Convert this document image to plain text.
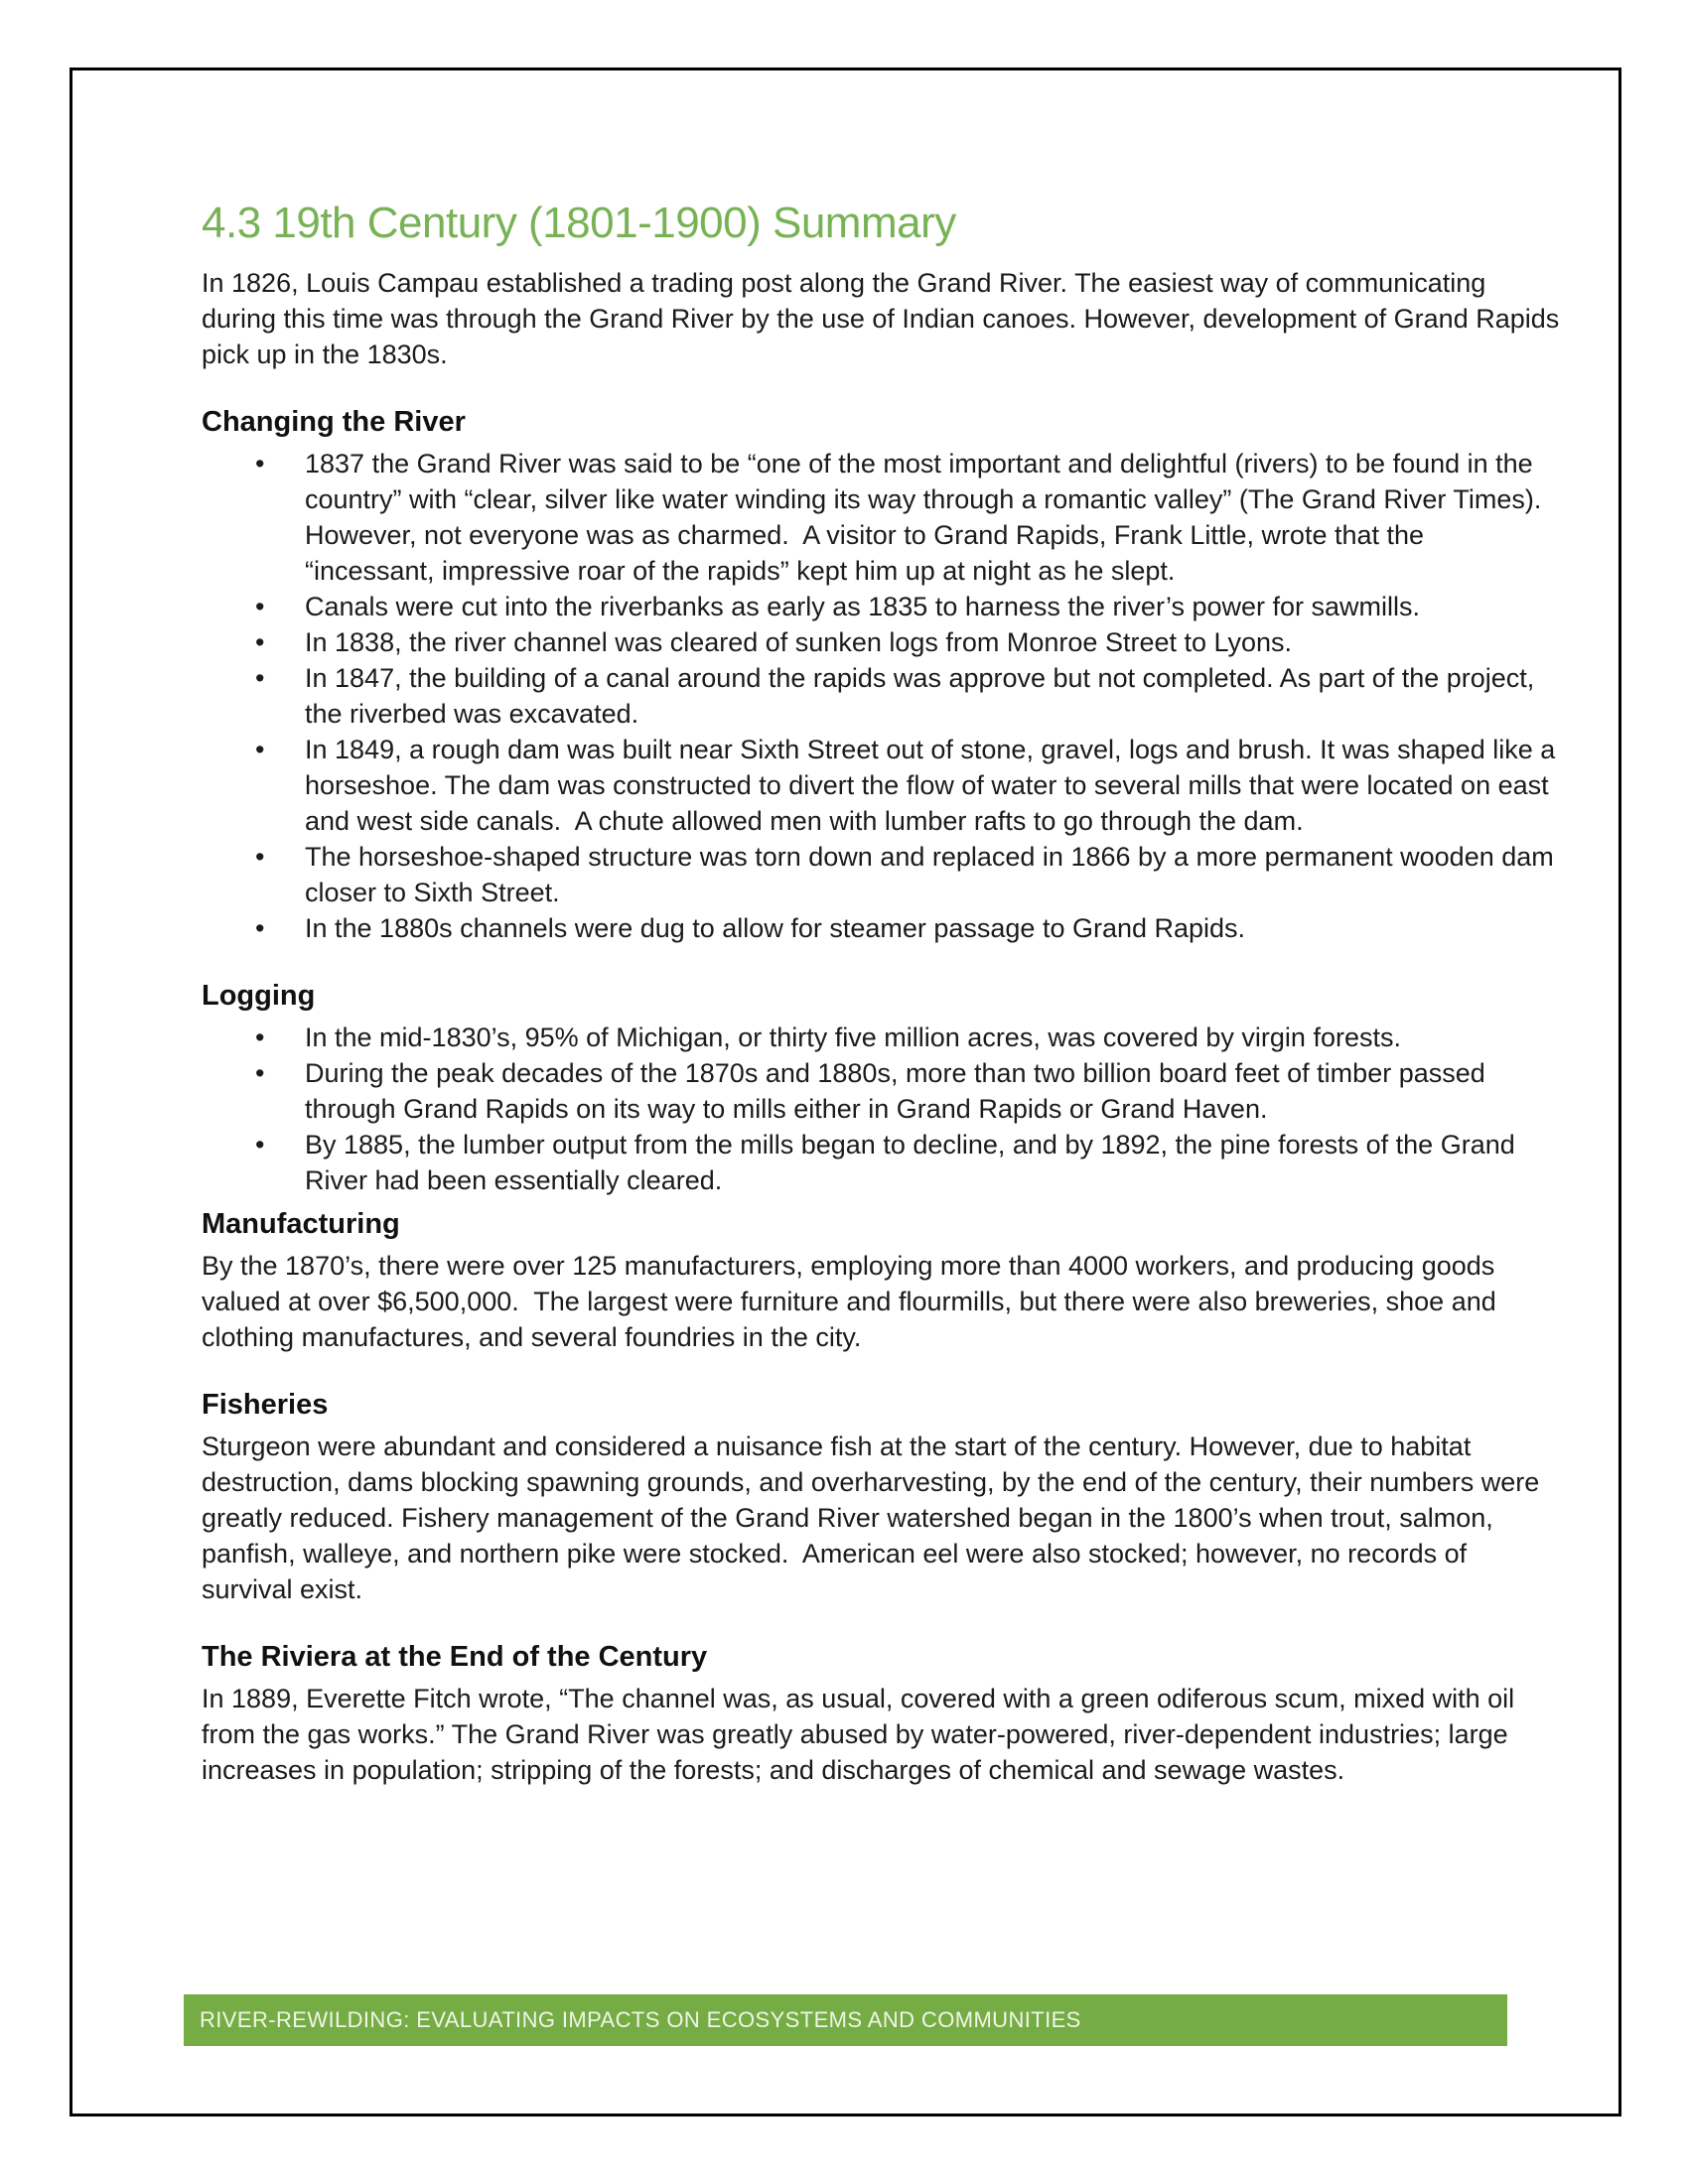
4.3 19th Century (1801-1900) Summary

In 1826, Louis Campau established a trading post along the Grand River. The easiest way of communicating during this time was through the Grand River by the use of Indian canoes. However, development of Grand Rapids pick up in the 1830s.

Changing the River
• 1837 the Grand River was said to be “one of the most important and delightful (rivers) to be found in the country” with “clear, silver like water winding its way through a romantic valley” (The Grand River Times).  However, not everyone was as charmed.  A visitor to Grand Rapids, Frank Little, wrote that the “incessant, impressive roar of the rapids” kept him up at night as he slept.
• Canals were cut into the riverbanks as early as 1835 to harness the river’s power for sawmills.
• In 1838, the river channel was cleared of sunken logs from Monroe Street to Lyons.
• In 1847, the building of a canal around the rapids was approve but not completed. As part of the project, the riverbed was excavated.
• In 1849, a rough dam was built near Sixth Street out of stone, gravel, logs and brush. It was shaped like a horseshoe. The dam was constructed to divert the flow of water to several mills that were located on east and west side canals.  A chute allowed men with lumber rafts to go through the dam.
• The horseshoe-shaped structure was torn down and replaced in 1866 by a more permanent wooden dam closer to Sixth Street.
• In the 1880s channels were dug to allow for steamer passage to Grand Rapids.
Logging
• In the mid-1830’s, 95% of Michigan, or thirty five million acres, was covered by virgin forests.
• During the peak decades of the 1870s and 1880s, more than two billion board feet of timber passed through Grand Rapids on its way to mills either in Grand Rapids or Grand Haven.
• By 1885, the lumber output from the mills began to decline, and by 1892, the pine forests of the Grand River had been essentially cleared.
Manufacturing

By the 1870’s, there were over 125 manufacturers, employing more than 4000 workers, and producing goods valued at over $6,500,000.  The largest were furniture and flourmills, but there were also breweries, shoe and clothing manufactures, and several foundries in the city.

Fisheries

Sturgeon were abundant and considered a nuisance fish at the start of the century. However, due to habitat destruction, dams blocking spawning grounds, and overharvesting, by the end of the century, their numbers were greatly reduced. Fishery management of the Grand River watershed began in the 1800’s when trout, salmon, panfish, walleye, and northern pike were stocked.  American eel were also stocked; however, no records of survival exist.

The Riviera at the End of the Century

In 1889, Everette Fitch wrote, “The channel was, as usual, covered with a green odiferous scum, mixed with oil from the gas works.” The Grand River was greatly abused by water-powered, river-dependent industries; large increases in population; stripping of the forests; and discharges of chemical and sewage wastes.

RIVER-REWILDING: EVALUATING IMPACTS ON ECOSYSTEMS AND COMMUNITIES
